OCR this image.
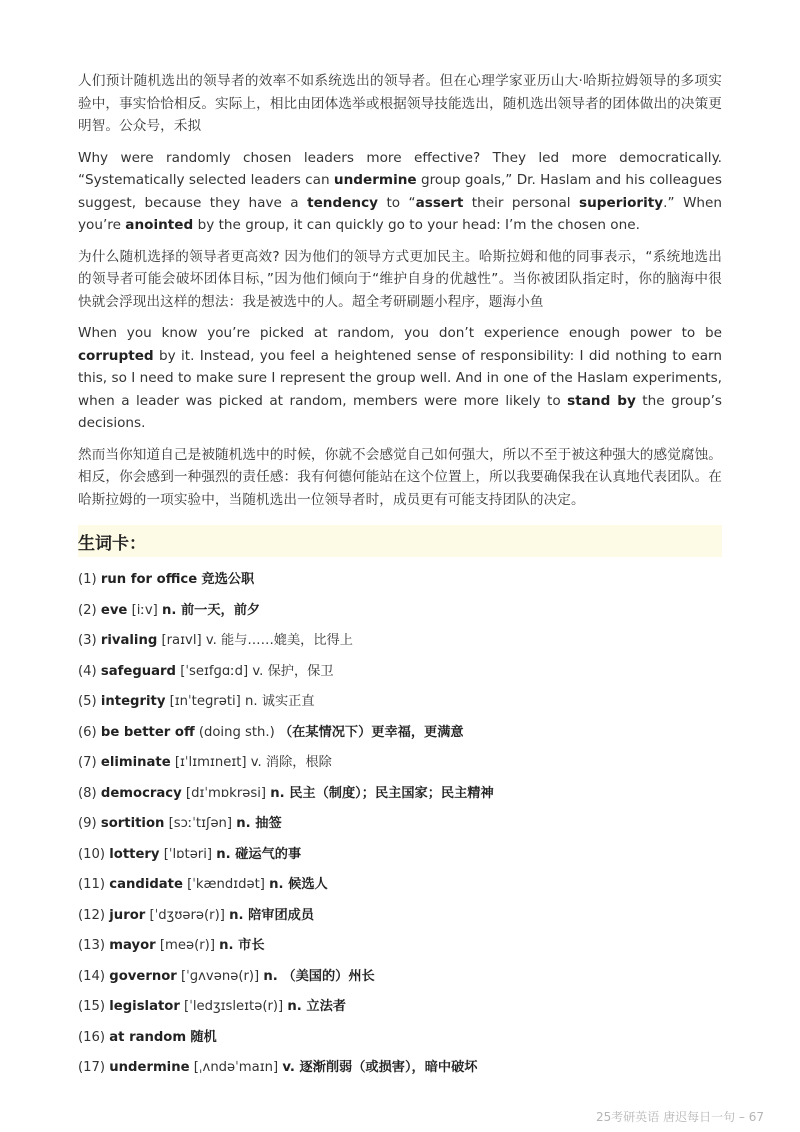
人们预计随机选出的领导者的效率不如系统选出的领导者。但在心理学家亚历山大·哈斯拉姆领导的多项实验中，事实恰恰相反。实际上，相比由团体选举或根据领导技能选出，随机选出领导者的团体做出的决策更明智。公众号，禾拟

Why were randomly chosen leaders more effective? They led more democratically. “Systematically selected leaders can undermine group goals,” Dr. Haslam and his colleagues suggest, because they have a tendency to “assert their personal superiority.” When you’re anointed by the group, it can quickly go to your head: I’m the chosen one.

为什么随机选择的领导者更高效? 因为他们的领导方式更加民主。哈斯拉姆和他的同事表示，“系统地选出的领导者可能会破坏团体目标，”因为他们倾向于“维护自身的优越性”。当你被团队指定时，你的脑海中很快就会浮现出这样的想法：我是被选中的人。超全考研刷题小程序，题海小鱼

When you know you’re picked at random, you don’t experience enough power to be corrupted by it. Instead, you feel a heightened sense of responsibility: I did nothing to earn this, so I need to make sure I represent the group well. And in one of the Haslam experiments, when a leader was picked at random, members were more likely to stand by the group’s decisions.

然而当你知道自己是被随机选中的时候，你就不会感觉自己如何强大，所以不至于被这种强大的感觉腐蚀。相反，你会感到一种强烈的责任感：我有何德何能站在这个位置上，所以我要确保我在认真地代表团队。在哈斯拉姆的一项实验中，当随机选出一位领导者时，成员更有可能支持团队的决定。

生词卡：
(1) run for office 竞选公职
(2) eve [iːv] n. 前一天，前夕
(3) rivaling [raɪvl] v. 能与……媲美，比得上
(4) safeguard [ˈseɪfɡɑːd] v. 保护，保卫
(5) integrity [ɪnˈteɡrəti] n. 诚实正直
(6) be better off (doing sth.) （在某情况下）更幸福，更满意
(7) eliminate [ɪˈlɪmɪneɪt] v. 消除，根除
(8) democracy [dɪˈmɒkrəsi] n. 民主（制度）；民主国家；民主精神
(9) sortition [sɔːˈtɪʃən] n. 抽签
(10) lottery [ˈlɒtəri] n. 碰运气的事
(11) candidate [ˈkændɪdət] n. 候选人
(12) juror [ˈdʒʊərə(r)] n. 陪审团成员
(13) mayor [meə(r)] n. 市长
(14) governor [ˈɡʌvənə(r)] n. （美国的）州长
(15) legislator [ˈledʒɪsleɪtə(r)] n. 立法者
(16) at random 随机
(17) undermine [ˌʌndəˈmaɪn] v. 逐渐削弱（或损害），暗中破坏
25考研英语 唐迟每日一句 – 67
